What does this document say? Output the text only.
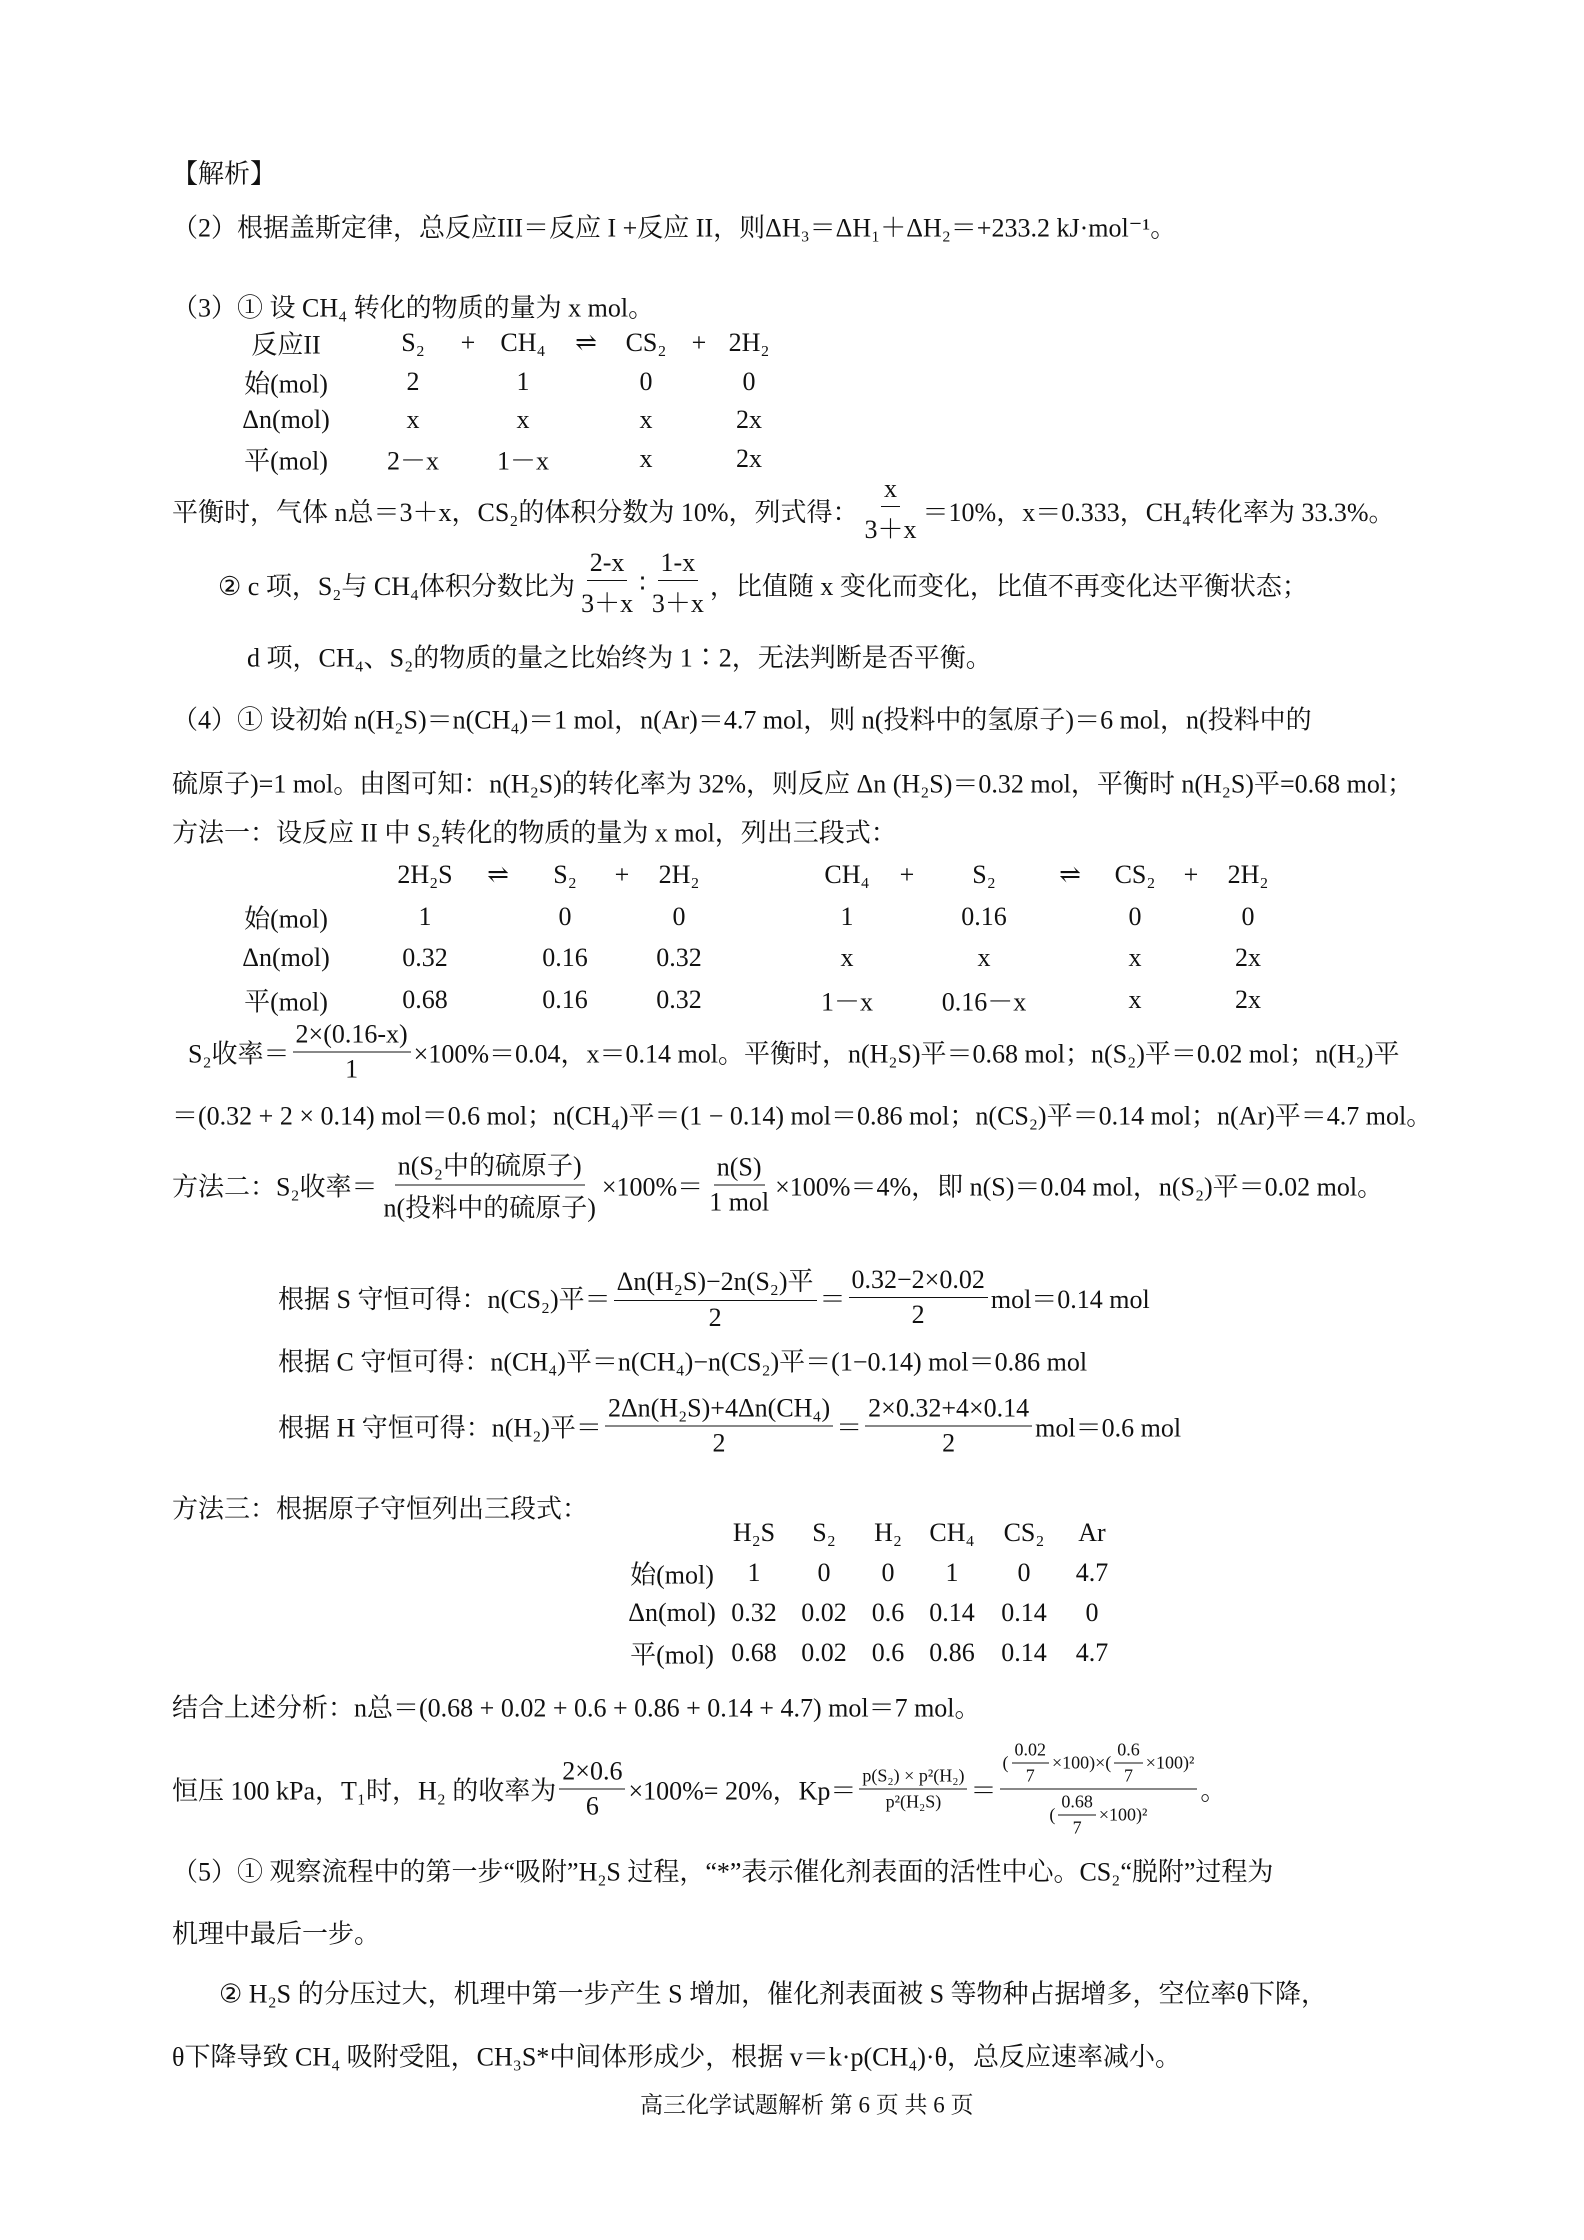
【解析】
（2）根据盖斯定律，总反应III＝反应 I +反应 II，则ΔH₃＝ΔH₁＋ΔH₂＝+233.2 kJ·mol⁻¹。
（3）① 设 CH₄ 转化的物质的量为 x mol。
平衡时，气体 n总＝3＋x，CS₂的体积分数为 10%，列式得： $\frac{x}{3+x} =10\%$，x＝0.333，CH₄转化率为 33.3%。
② c 项，S₂与 CH₄体积分数比为 $\frac{2-x}{3+x}$ ∶ $\frac{1-x}{3+x}$ ，比值随 x 变化而变化，比值不再变化达平衡状态；
d 项，CH₄、S₂的物质的量之比始终为 1∶2，无法判断是否平衡。
（4）① 设初始 n(H₂S)＝n(CH₄)＝1 mol，n(Ar)＝4.7 mol，则 n(投料中的氢原子)＝6 mol，n(投料中的
硫原子)=1 mol。由图可知：n(H₂S)的转化率为 32%，则反应 Δn (H₂S)＝0.32 mol，平衡时 n(H₂S)平=0.68 mol；
方法一：设反应 II 中 S₂转化的物质的量为 x mol，列出三段式：
S₂收率＝ $\frac{2\times(0.16-x)}{1} \times 100\%=0.04$，x＝0.14 mol。平衡时，n(H₂S)平＝0.68 mol；n(S₂)平＝0.02 mol；n(H₂)平
＝(0.32 + 2 × 0.14) mol＝0.6 mol；n(CH₄)平＝(1 − 0.14) mol＝0.86 mol；n(CS₂)平＝0.14 mol；n(Ar)平＝4.7 mol。
方法二：S₂收率＝ $\frac{\text{n(S₂中的硫原子)}}{\text{n(投料中的硫原子)}} \times 100\%= \frac{n(S)}{\text{1 mol}} \times 100\%=4\%$，即 n(S)＝0.04 mol，n(S₂)平＝0.02 mol。
根据 S 守恒可得：n(CS₂)平＝ $\frac{\text{Δn(H₂S)−2n(S₂)平}}{2} = \frac{0.32-2\times 0.02}{2} mol=0.14$ mol
根据 C 守恒可得：n(CH₄)平＝n(CH₄)−n(CS₂)平＝(1−0.14) mol＝0.86 mol
根据 H 守恒可得：n(H₂)平＝ $\frac{\text{2Δn(H₂S)+4Δn(CH₄)}}{2} = \frac{2\times 0.32+4\times 0.14}{2} mol=0.6$ mol
方法三：根据原子守恒列出三段式：
结合上述分析：n总＝(0.68 + 0.02 + 0.6 + 0.86 + 0.14 + 4.7) mol＝7 mol。
恒压 100 kPa，T₁时，H₂ 的收率为 $\frac{2\times 0.6}{6} \times 100\%= 20\%$，$Kp= \frac{\text{p(S₂) × p²(H₂)}}{\text{p²(H₂S)}} = \frac{( \frac{0.02}{7} \times 100)\times( \frac{0.6}{7} \times 100)^2}{( \frac{0.68}{7} \times 100)^2}$ 。
（5）① 观察流程中的第一步“吸附”H₂S 过程，“*”表示催化剂表面的活性中心。CS₂“脱附”过程为
机理中最后一步。
② H₂S 的分压过大，机理中第一步产生 S 增加，催化剂表面被 S 等物种占据增多，空位率θ下降，
θ下降导致 CH₄ 吸附受阻，CH₃S*中间体形成少，根据 v＝k·p(CH₄)·θ，总反应速率减小。
反应II	S₂ + CH₄ ⇌ CS₂ + 2H₂
始(mol)	2	1	0	0
Δn(mol)	x	x	x	2x
平(mol) 2－x 1－x	x	2x
2H₂S ⇌ S₂ + 2H₂	CH₄ + S₂ ⇌ CS₂ + 2H₂
始(mol)	1	0	0	1	0.16	0	0
Δn(mol)	0.32	0.16	0.32	x	x	x	2x
平(mol)	0.68	0.16	0.32	1－x	0.16－x	x	2x
H₂S S₂ H₂ CH₄ CS₂ Ar
始(mol) 1 0 0 1 0 4.7
Δn(mol) 0.32 0.02 0.6 0.14 0.14 0
平(mol) 0.68 0.02 0.6 0.86 0.14 4.7
高三化学试题解析 第 6 页 共 6 页
